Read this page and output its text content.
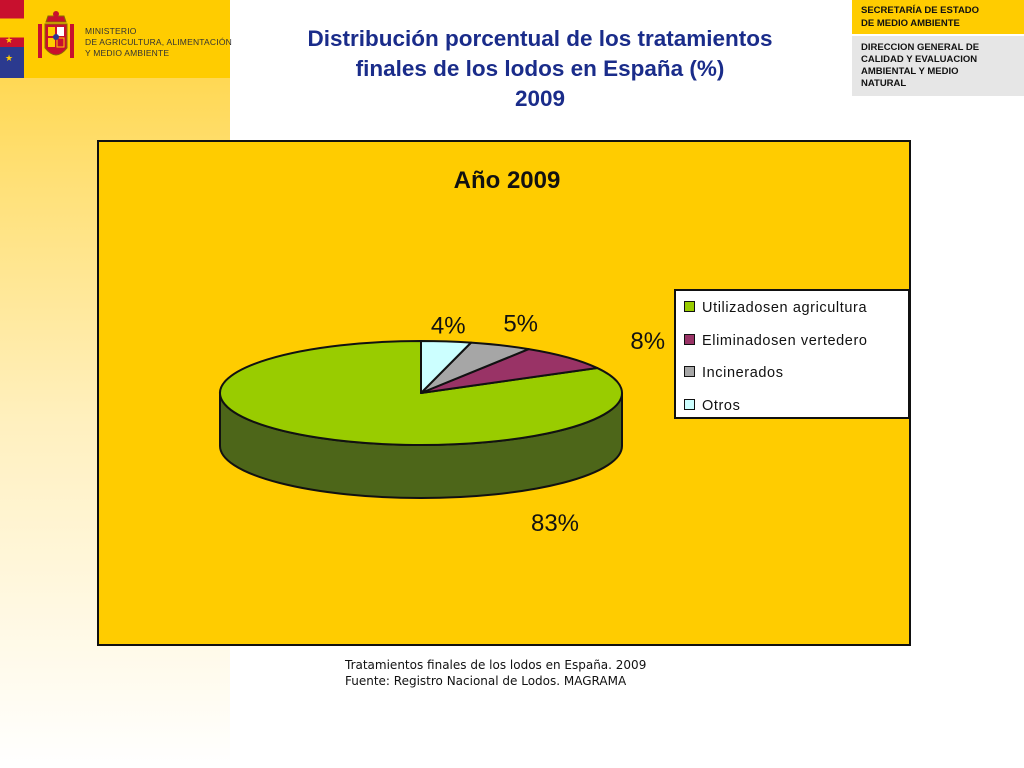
★
★
★
MINISTERIO
DE AGRICULTURA, ALIMENTACIÓN
Y MEDIO AMBIENTE
SECRETARÍA DE ESTADO
DE MEDIO AMBIENTE
DIRECCION GENERAL DE
CALIDAD Y EVALUACION
AMBIENTAL Y MEDIO
NATURAL
Distribución porcentual de los tratamientos
finales de los lodos en España (%)
2009
Año 2009
83%
8%
5%
4%
Utilizadosen agricultura
Eliminadosen vertedero
Incinerados
Otros
Tratamientos finales de los lodos en España. 2009
Fuente: Registro Nacional de Lodos. MAGRAMA
